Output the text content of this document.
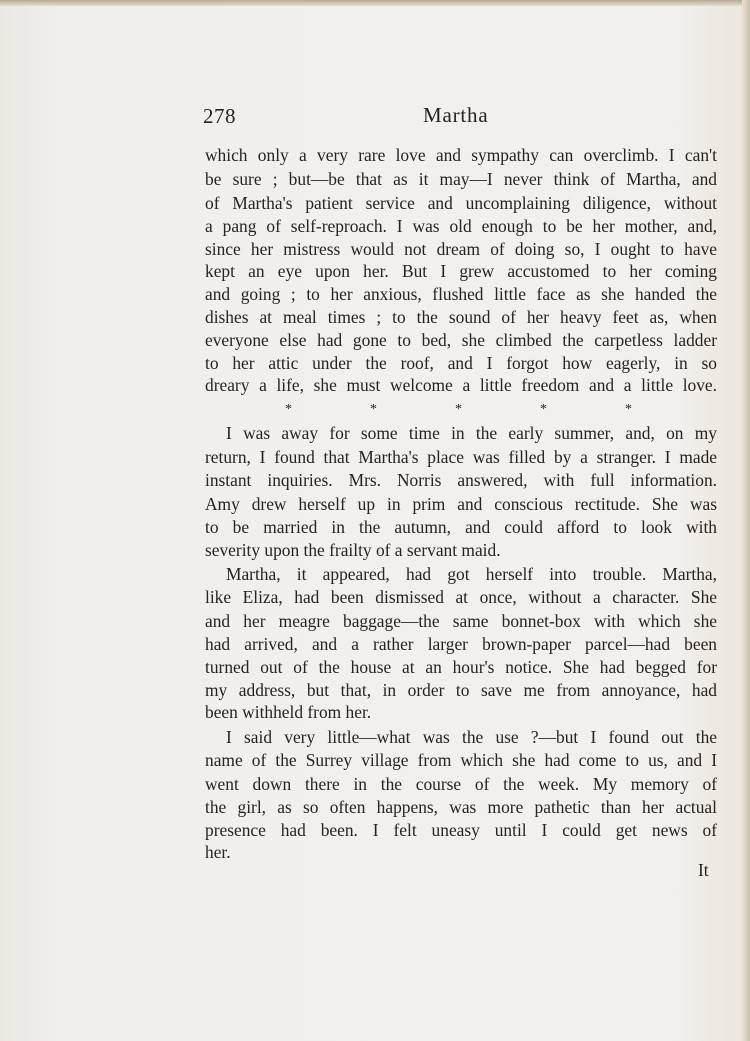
278	Martha
which only a very rare love and sympathy can overclimb. I can't
be sure ; but—be that as it may—I never think of Martha, and
of Martha's patient service and uncomplaining diligence, without
a pang of self-reproach. I was old enough to be her mother, and,
since her mistress would not dream of doing so, I ought to have
kept an eye upon her. But I grew accustomed to her coming
and going ; to her anxious, flushed little face as she handed the
dishes at meal times ; to the sound of her heavy feet as, when
everyone else had gone to bed, she climbed the carpetless ladder
to her attic under the roof, and I forgot how eagerly, in so
dreary a life, she must welcome a little freedom and a little love.
*	*	*	*	*
I was away for some time in the early summer, and, on my
return, I found that Martha's place was filled by a stranger. I made
instant inquiries. Mrs. Norris answered, with full information.
Amy drew herself up in prim and conscious rectitude. She was
to be married in the autumn, and could afford to look with
severity upon the frailty of a servant maid.
Martha, it appeared, had got herself into trouble. Martha,
like Eliza, had been dismissed at once, without a character. She
and her meagre baggage—the same bonnet-box with which she
had arrived, and a rather larger brown-paper parcel—had been
turned out of the house at an hour's notice. She had begged for
my address, but that, in order to save me from annoyance, had
been withheld from her.
I said very little—what was the use ?—but I found out the
name of the Surrey village from which she had come to us, and I
went down there in the course of the week. My memory of
the girl, as so often happens, was more pathetic than her actual
presence had been. I felt uneasy until I could get news of
her.
It
